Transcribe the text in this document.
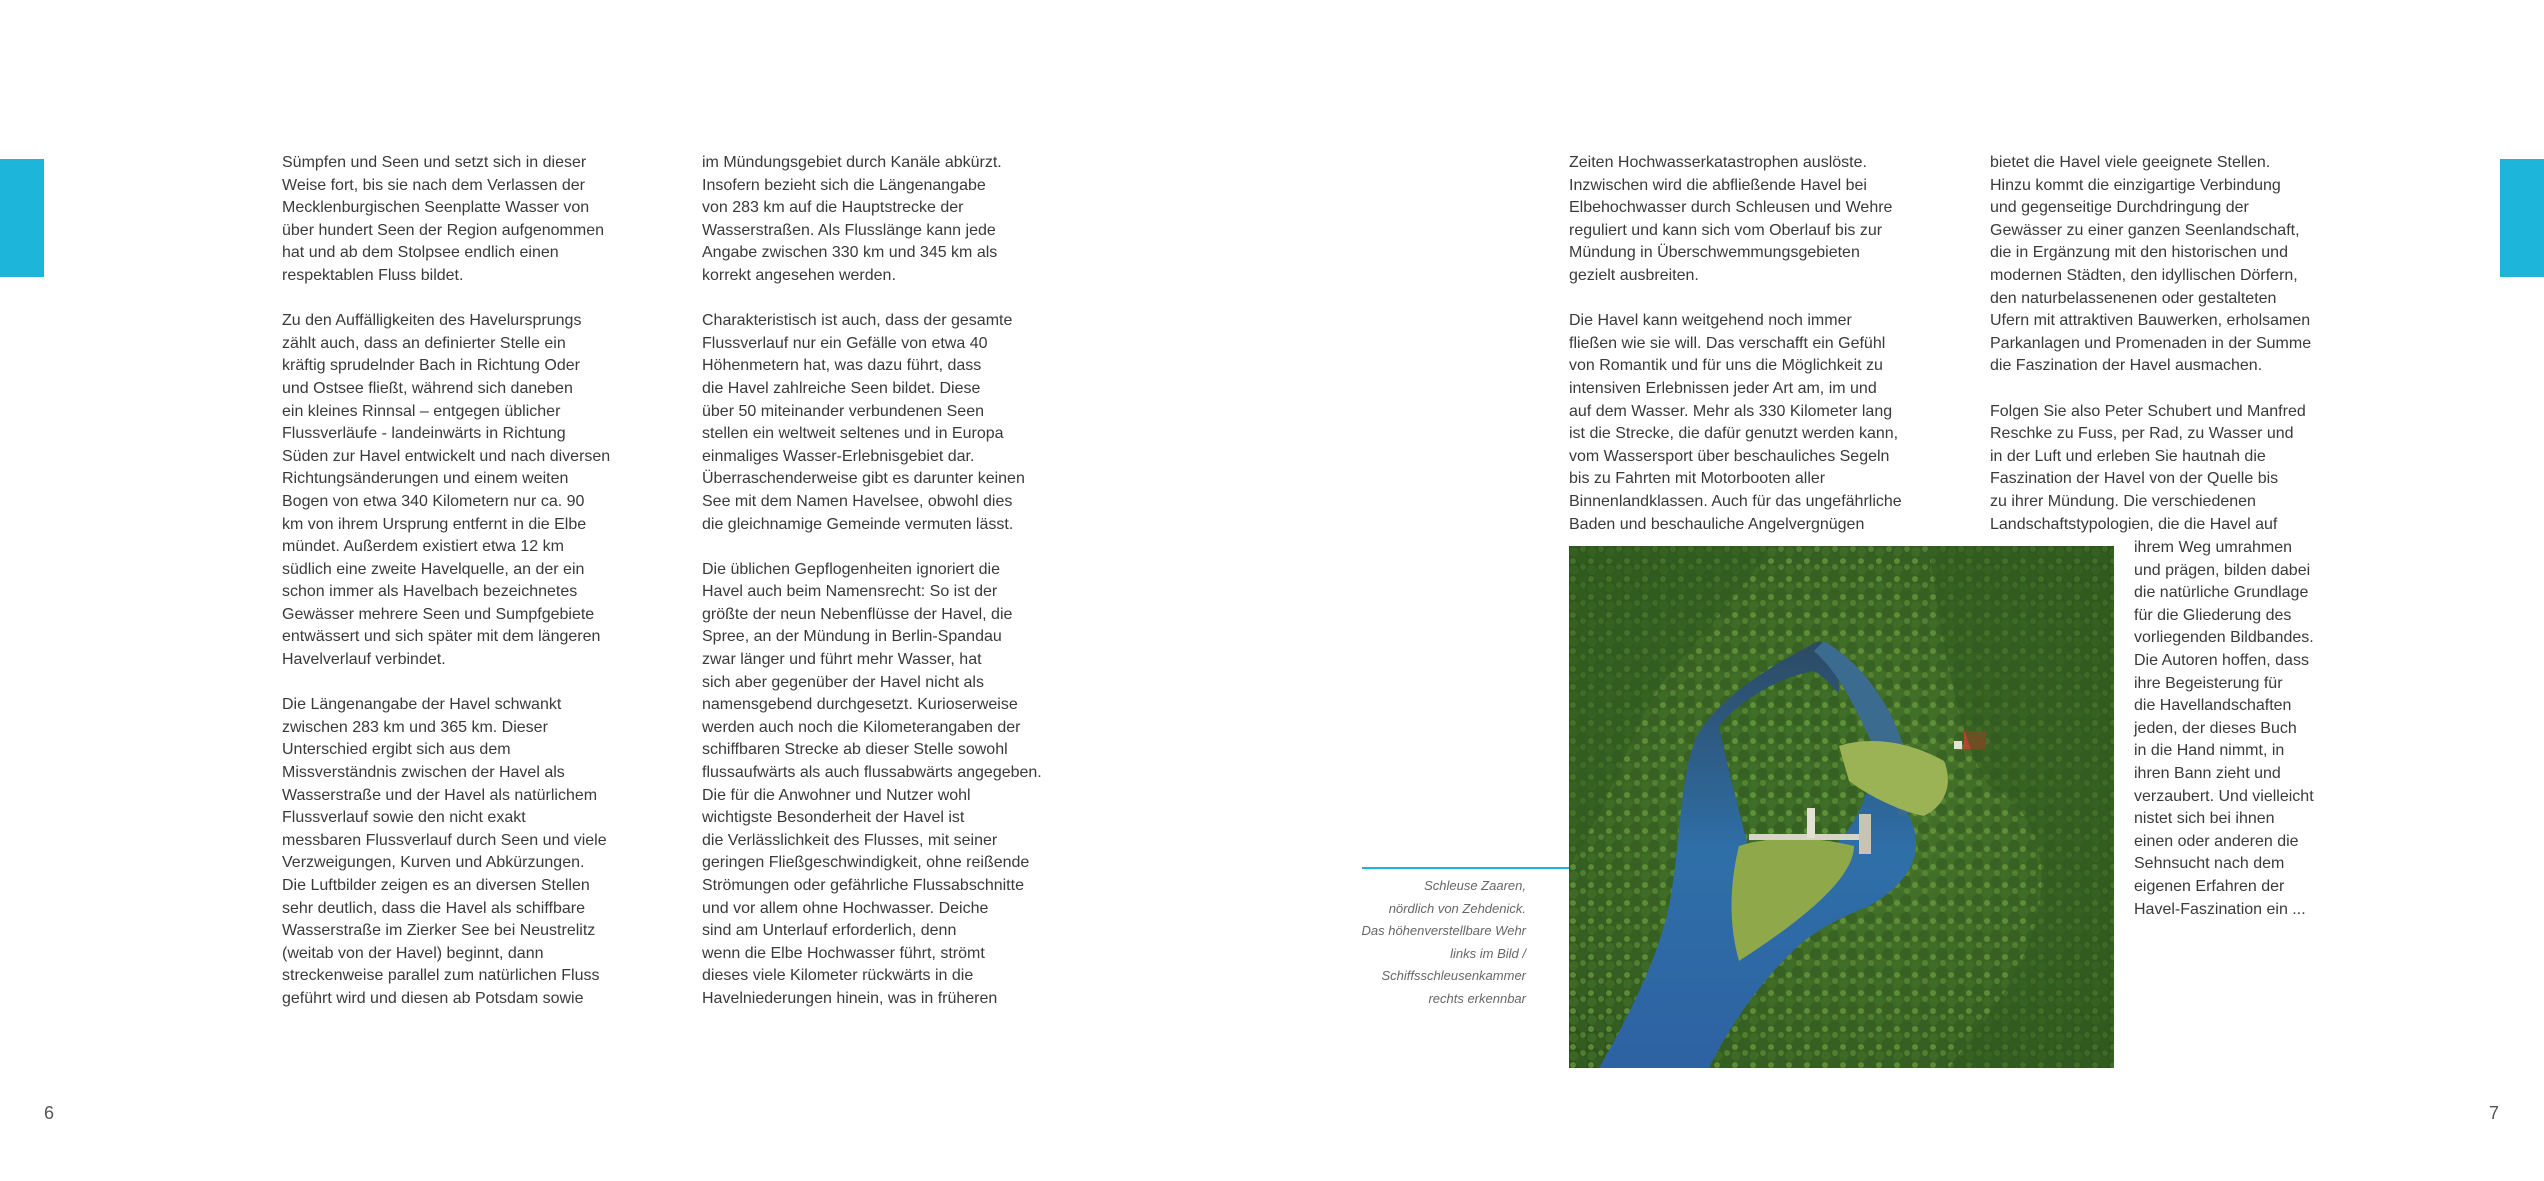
Sümpfen und Seen und setzt sich in dieser
Weise fort, bis sie nach dem Verlassen der
Mecklenburgischen Seenplatte Wasser von
über hundert Seen der Region aufgenommen
hat und ab dem Stolpsee endlich einen
respektablen Fluss bildet.

Zu den Auffälligkeiten des Havelursprungs
zählt auch, dass an definierter Stelle ein
kräftig sprudelnder Bach in Richtung Oder
und Ostsee fließt, während sich daneben
ein kleines Rinnsal – entgegen üblicher
Flussverläufe - landeinwärts in Richtung
Süden zur Havel entwickelt und nach diversen
Richtungsänderungen und einem weiten
Bogen von etwa 340 Kilometern nur ca. 90
km von ihrem Ursprung entfernt in die Elbe
mündet. Außerdem existiert etwa 12 km
südlich eine zweite Havelquelle, an der ein
schon immer als Havelbach bezeichnetes
Gewässer mehrere Seen und Sumpfgebiete
entwässert und sich später mit dem längeren
Havelverlauf verbindet.

Die Längenangabe der Havel schwankt
zwischen 283 km und 365 km. Dieser
Unterschied ergibt sich aus dem
Missverständnis zwischen der Havel als
Wasserstraße und der Havel als natürlichem
Flussverlauf sowie den nicht exakt
messbaren Flussverlauf durch Seen und viele
Verzweigungen, Kurven und Abkürzungen.
Die Luftbilder zeigen es an diversen Stellen
sehr deutlich, dass die Havel als schiffbare
Wasserstraße im Zierker See bei Neustrelitz
(weitab von der Havel) beginnt, dann
streckenweise parallel zum natürlichen Fluss
geführt wird und diesen ab Potsdam sowie

im Mündungsgebiet durch Kanäle abkürzt.
Insofern bezieht sich die Längenangabe
von 283 km auf die Hauptstrecke der
Wasserstraßen. Als Flusslänge kann jede
Angabe zwischen 330 km und 345 km als
korrekt angesehen werden.

Charakteristisch ist auch, dass der gesamte
Flussverlauf nur ein Gefälle von etwa 40
Höhenmetern hat, was dazu führt, dass
die Havel zahlreiche Seen bildet. Diese
über 50 miteinander verbundenen Seen
stellen ein weltweit seltenes und in Europa
einmaliges Wasser-Erlebnisgebiet dar.
Überraschenderweise gibt es darunter keinen
See mit dem Namen Havelsee, obwohl dies
die gleichnamige Gemeinde vermuten lässt.

Die üblichen Gepflogenheiten ignoriert die
Havel auch beim Namensrecht: So ist der
größte der neun Nebenflüsse der Havel, die
Spree, an der Mündung in Berlin-Spandau
zwar länger und führt mehr Wasser, hat
sich aber gegenüber der Havel nicht als
namensgebend durchgesetzt. Kurioserweise
werden auch noch die Kilometerangaben der
schiffbaren Strecke ab dieser Stelle sowohl
flussaufwärts als auch flussabwärts angegeben.
Die für die Anwohner und Nutzer wohl
wichtigste Besonderheit der Havel ist
die Verlässlichkeit des Flusses, mit seiner
geringen Fließgeschwindigkeit, ohne reißende
Strömungen oder gefährliche Flussabschnitte
und vor allem ohne Hochwasser. Deiche
sind am Unterlauf erforderlich, denn
wenn die Elbe Hochwasser führt, strömt
dieses viele Kilometer rückwärts in die
Havelniederungen hinein, was in früheren

Zeiten Hochwasserkatastrophen auslöste.
Inzwischen wird die abfließende Havel bei
Elbehochwasser durch Schleusen und Wehre
reguliert und kann sich vom Oberlauf bis zur
Mündung in Überschwemmungsgebieten
gezielt ausbreiten.

Die Havel kann weitgehend noch immer
fließen wie sie will. Das verschafft ein Gefühl
von Romantik und für uns die Möglichkeit zu
intensiven Erlebnissen jeder Art am, im und
auf dem Wasser. Mehr als 330 Kilometer lang
ist die Strecke, die dafür genutzt werden kann,
vom Wassersport über beschauliches Segeln
bis zu Fahrten mit Motorbooten aller
Binnenlandklassen. Auch für das ungefährliche
Baden und beschauliche Angelvergnügen

bietet die Havel viele geeignete Stellen.
Hinzu kommt die einzigartige Verbindung
und gegenseitige Durchdringung der
Gewässer zu einer ganzen Seenlandschaft,
die in Ergänzung mit den historischen und
modernen Städten, den idyllischen Dörfern,
den naturbelassenenen oder gestalteten
Ufern mit attraktiven Bauwerken, erholsamen
Parkanlagen und Promenaden in der Summe
die Faszination der Havel ausmachen.

Folgen Sie also Peter Schubert und Manfred
Reschke zu Fuss, per Rad, zu Wasser und
in der Luft und erleben Sie hautnah die
Faszination der Havel von der Quelle bis
zu ihrer Mündung. Die verschiedenen
Landschaftstypologien, die die Havel auf

ihrem Weg umrahmen
und prägen, bilden dabei
die natürliche Grundlage
für die Gliederung des
vorliegenden Bildbandes.
Die Autoren hoffen, dass
ihre Begeisterung für
die Havellandschaften
jeden, der dieses Buch
in die Hand nimmt, in
ihren Bann zieht und
verzaubert. Und vielleicht
nistet sich bei ihnen
einen oder anderen die
Sehnsucht nach dem
eigenen Erfahren der
Havel-Faszination ein ...

Schleuse Zaaren,
nördlich von Zehdenick.
Das höhenverstellbare Wehr
links im Bild /
Schiffsschleusenkammer
rechts erkennbar
6	7
